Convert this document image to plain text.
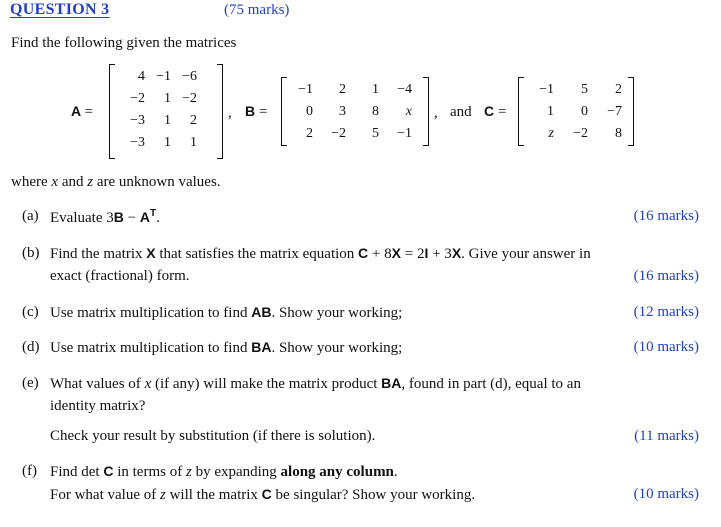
QUESTION 3	(75 marks)
Find the following given the matrices
A =
4	−1	−6
−2	1	−2
−3	1	2
−3	1	1
, B =
−1	2	1	−4
0	3	8	x
2	−2	5	−1
, and C =
−1	5	2
1	0	−7
z	−2	8
where x and z are unknown values.
(a) Evaluate $3B - A^T$.	(16 marks)
(b) Find the matrix X that satisfies the matrix equation C + 8X = 2I + 3X. Give your answer in
exact (fractional) form.	(16 marks)
(c) Use matrix multiplication to find AB. Show your working;	(12 marks)
(d) Use matrix multiplication to find BA. Show your working;	(10 marks)
(e) What values of x (if any) will make the matrix product BA, found in part (d), equal to an
identity matrix?
Check your result by substitution (if there is solution).	(11 marks)
(f) Find det C in terms of z by expanding along any column.
For what value of z will the matrix C be singular? Show your working.	(10 marks)
